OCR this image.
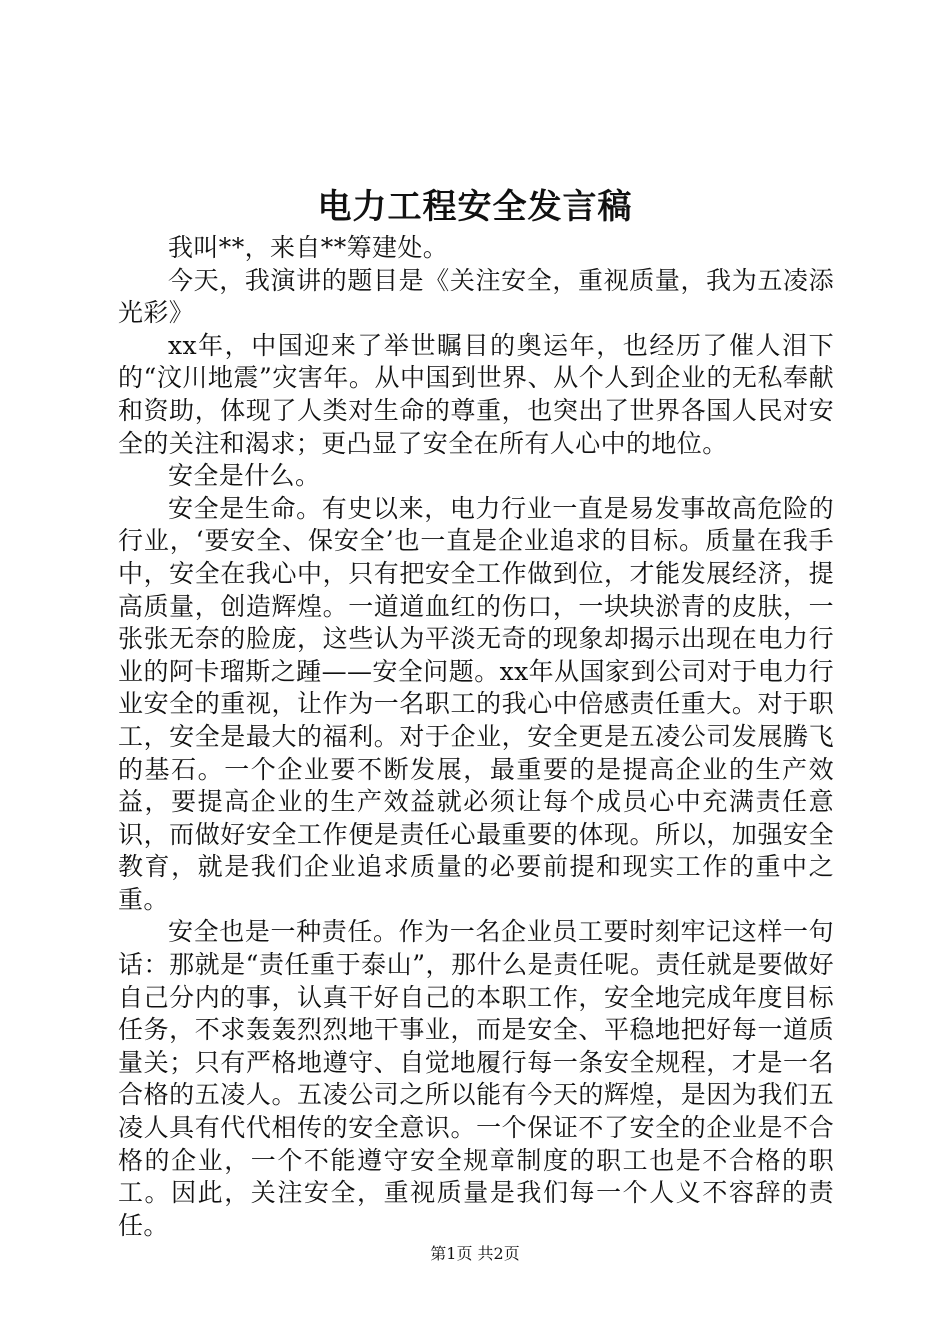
电力工程安全发言稿

我叫**，来自**筹建处。

今天，我演讲的题目是《关注安全，重视质量，我为五凌添光彩》

xx年，中国迎来了举世瞩目的奥运年，也经历了催人泪下的“汶川地震”灾害年。从中国到世界、从个人到企业的无私奉献和资助，体现了人类对生命的尊重，也突出了世界各国人民对安全的关注和渴求；更凸显了安全在所有人心中的地位。

安全是什么。

安全是生命。有史以来，电力行业一直是易发事故高危险的行业，‘要安全、保安全’也一直是企业追求的目标。质量在我手中，安全在我心中，只有把安全工作做到位，才能发展经济，提高质量，创造辉煌。一道道血红的伤口，一块块淤青的皮肤，一张张无奈的脸庞，这些认为平淡无奇的现象却揭示出现在电力行业的阿卡瑠斯之踵——安全问题。xx年从国家到公司对于电力行业安全的重视，让作为一名职工的我心中倍感责任重大。对于职工，安全是最大的福利。对于企业，安全更是五凌公司发展腾飞的基石。一个企业要不断发展，最重要的是提高企业的生产效益，要提高企业的生产效益就必须让每个成员心中充满责任意识，而做好安全工作便是责任心最重要的体现。所以，加强安全教育，就是我们企业追求质量的必要前提和现实工作的重中之重。

安全也是一种责任。作为一名企业员工要时刻牢记这样一句话：那就是“责任重于泰山”，那什么是责任呢。责任就是要做好自己分内的事，认真干好自己的本职工作，安全地完成年度目标任务，不求轰轰烈烈地干事业，而是安全、平稳地把好每一道质量关；只有严格地遵守、自觉地履行每一条安全规程，才是一名合格的五凌人。五凌公司之所以能有今天的辉煌，是因为我们五凌人具有代代相传的安全意识。一个保证不了安全的企业是不合格的企业，一个不能遵守安全规章制度的职工也是不合格的职工。因此，关注安全，重视质量是我们每一个人义不容辞的责任。

第1页 共2页
